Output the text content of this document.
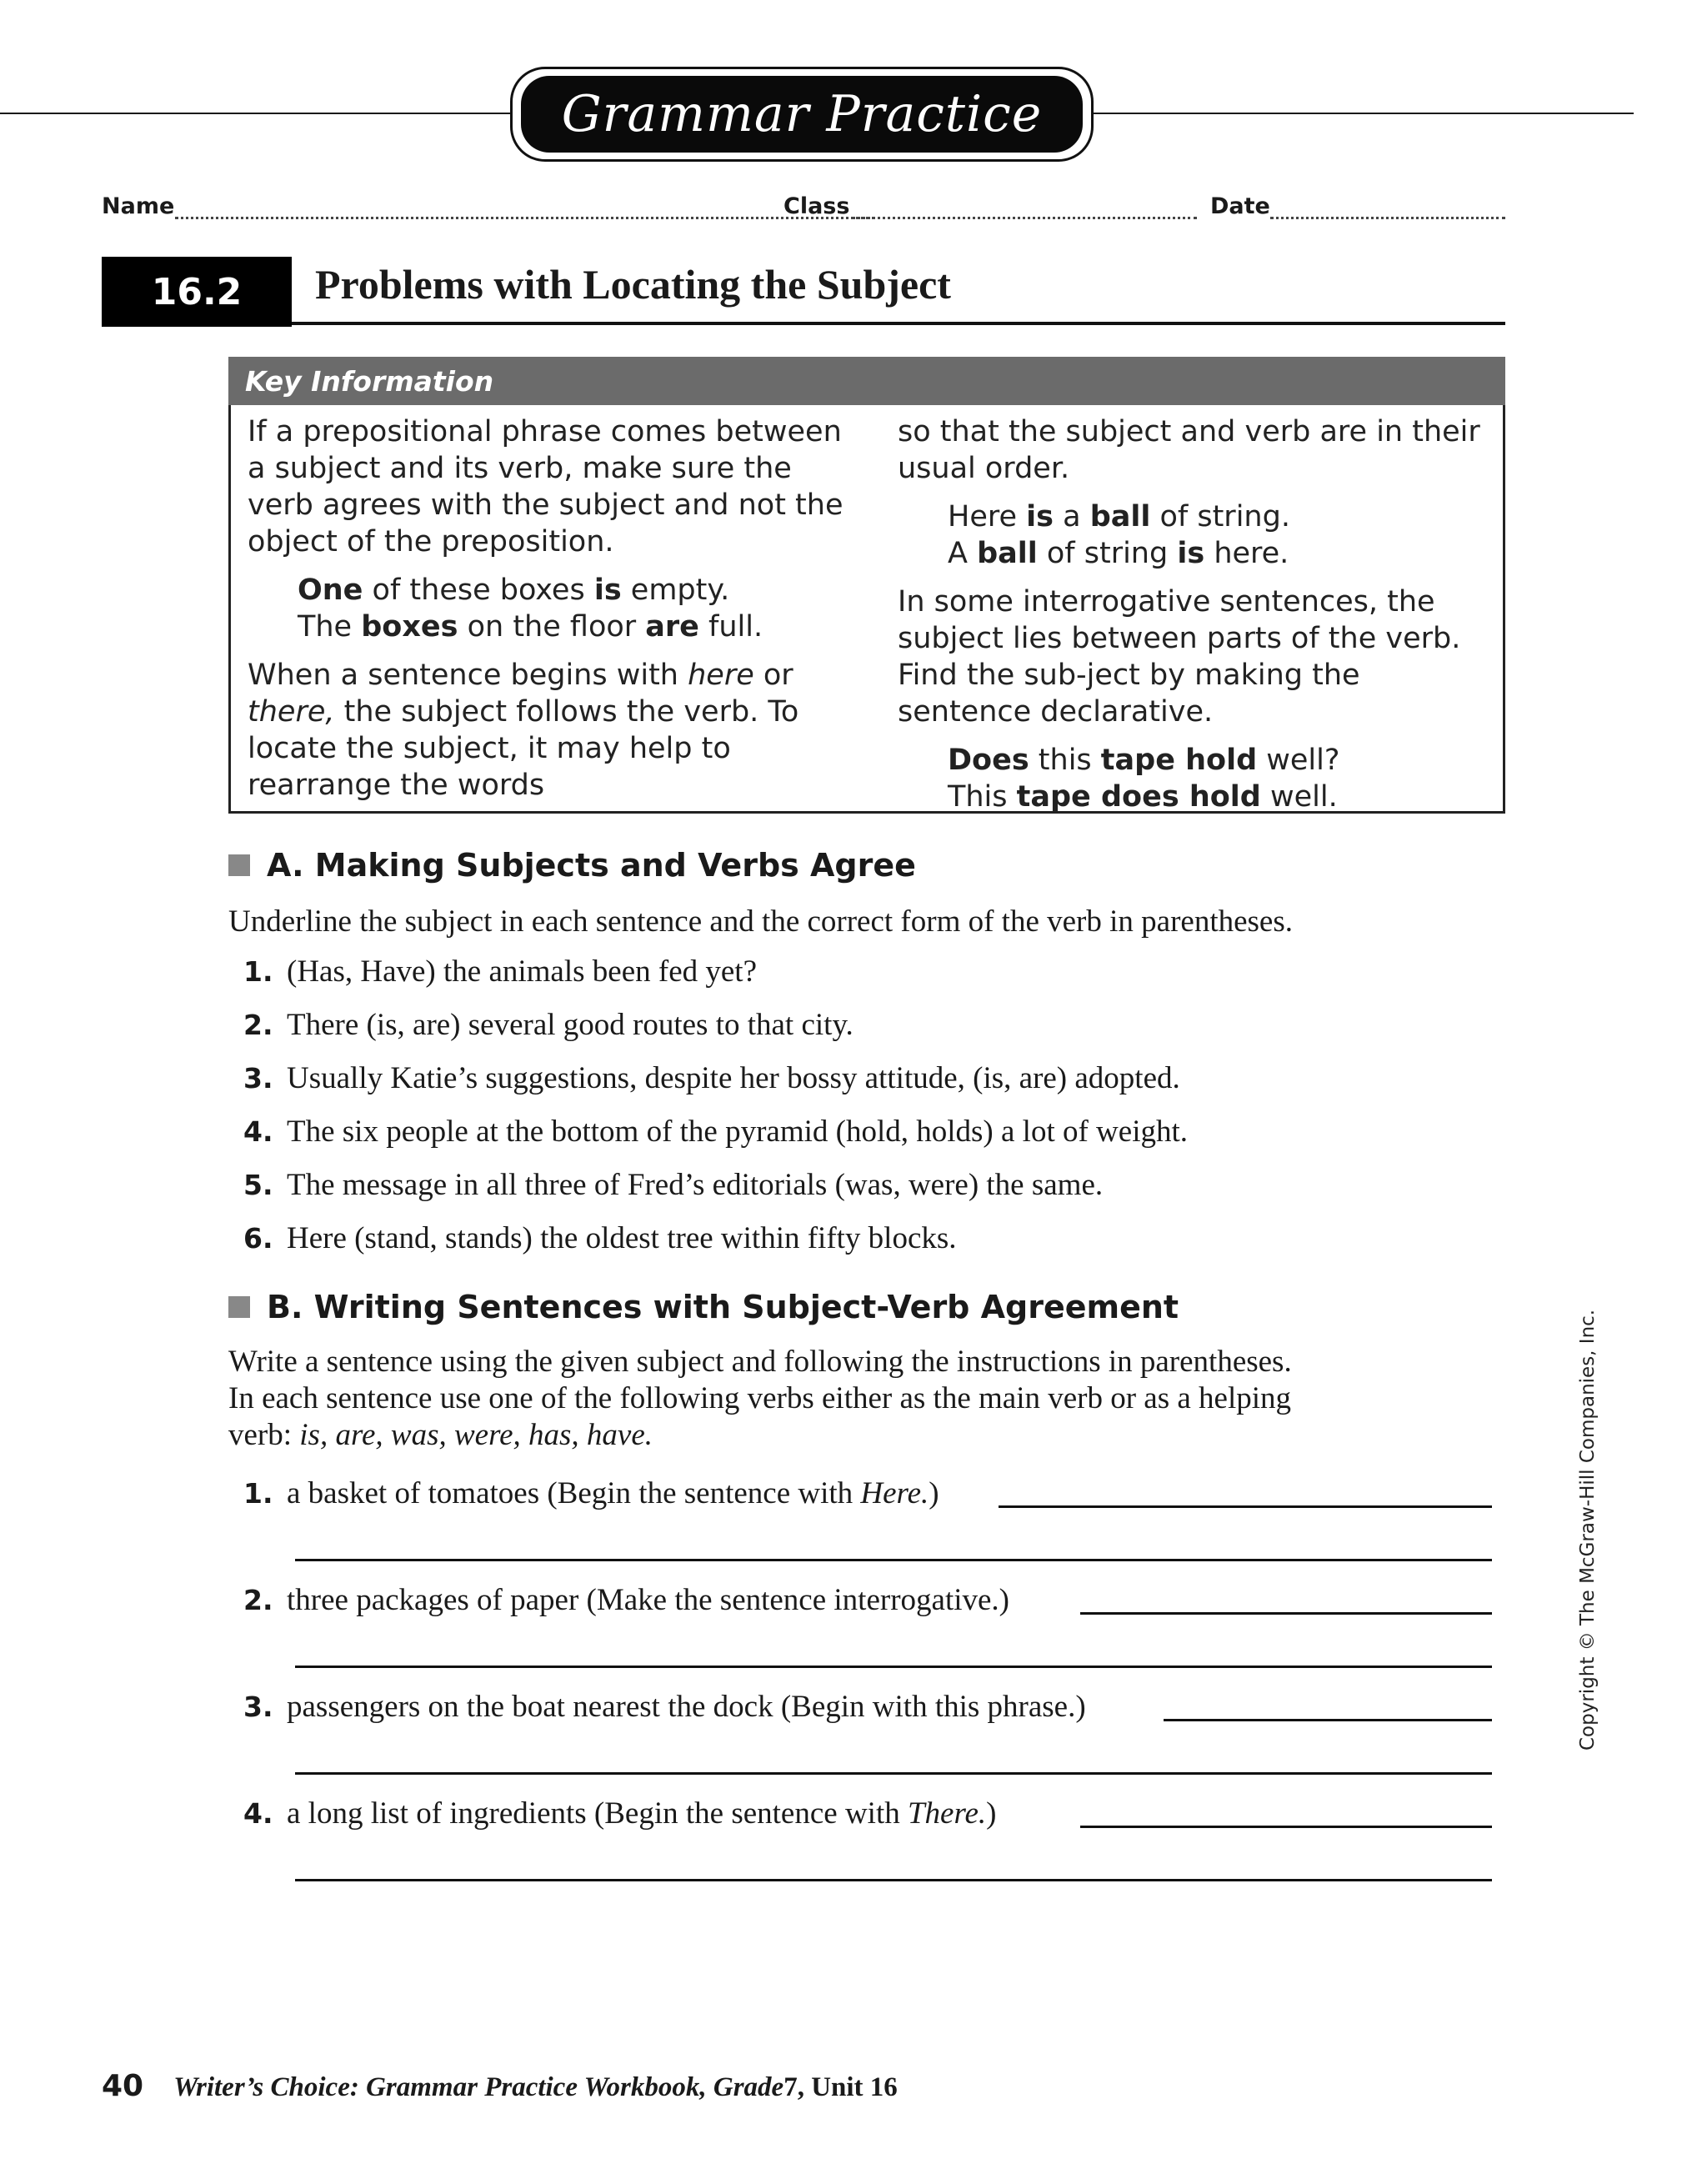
Grammar Practice
Name	Class	Date
16.2	Problems with Locating the Subject
Key Information

If a prepositional phrase comes between a subject and its verb, make sure the verb agrees with the subject and not the object of the preposition.

One of these boxes is empty.
The boxes on the floor are full.

When a sentence begins with here or there, the subject follows the verb. To locate the subject, it may help to rearrange the words

so that the subject and verb are in their usual order.

Here is a ball of string.
A ball of string is here.

In some interrogative sentences, the subject lies between parts of the verb. Find the sub-ject by making the sentence declarative.

Does this tape hold well?
This tape does hold well.
A. Making Subjects and Verbs Agree
Underline the subject in each sentence and the correct form of the verb in parentheses.
1. (Has, Have) the animals been fed yet?
2. There (is, are) several good routes to that city.
3. Usually Katie’s suggestions, despite her bossy attitude, (is, are) adopted.
4. The six people at the bottom of the pyramid (hold, holds) a lot of weight.
5. The message in all three of Fred’s editorials (was, were) the same.
6. Here (stand, stands) the oldest tree within fifty blocks.
B. Writing Sentences with Subject-Verb Agreement
Write a sentence using the given subject and following the instructions in parentheses.
In each sentence use one of the following verbs either as the main verb or as a helping
verb: is, are, was, were, has, have.
1. a basket of tomatoes (Begin the sentence with Here.)
2. three packages of paper (Make the sentence interrogative.)
3. passengers on the boat nearest the dock (Begin with this phrase.)
4. a long list of ingredients (Begin the sentence with There.)
Copyright © The McGraw-Hill Companies, Inc.
40 Writer’s Choice: Grammar Practice Workbook, Grade 7, Unit 16
